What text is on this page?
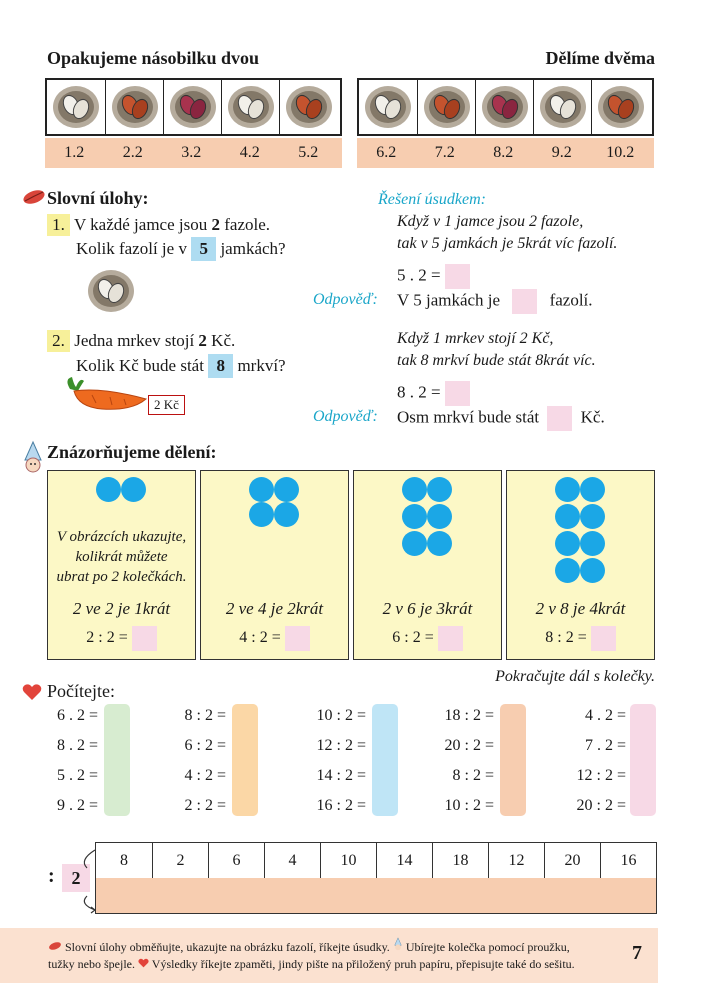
Opakujeme násobilku dvou	Dělíme dvěma
1.2	2.2	3.2	4.2	5.2	6.2	7.2	8.2	9.2	10.2
Slovní úlohy:
1. V každé jamce jsou 2 fazole.
Kolik fazolí je v 5 jamkách?
2. Jedna mrkev stojí 2 Kč.
Kolik Kč bude stát 8 mrkví?
2 Kč
Řešení úsudkem:
Když v 1 jamce jsou 2 fazole,
tak v 5 jamkách je 5krát víc fazolí.
5 . 2 =
Odpověď: V 5 jamkách je	fazolí.
Když 1 mrkev stojí 2 Kč,
tak 8 mrkví bude stát 8krát víc.
8 . 2 =
Odpověď: Osm mrkví bude stát Kč.
Znázorňujeme dělení:
V obrázcích ukazujte,
kolikrát můžete
ubrat po 2 kolečkách.
2 ve 2 je 1krát
2 : 2 =
2 ve 4 je 2krát
4 : 2 =
2 v 6 je 3krát
6 : 2 =
2 v 8 je 4krát
8 : 2 =
Pokračujte dál s kolečky.
Počítejte:
6 . 2 =
8 . 2 =
5 . 2 =
9 . 2 =
8 : 2 =
6 : 2 =
4 : 2 =
2 : 2 =
10 : 2 =
12 : 2 =
14 : 2 =
16 : 2 =
18 : 2 =
20 : 2 =
8 : 2 =
10 : 2 =
4 . 2 =
7 . 2 =
12 : 2 =
20 : 2 =
8	2	6	4	10	14	18	12	20	16
: 2
Slovní úlohy obměňujte, ukazujte na obrázku fazolí, říkejte úsudky. Ubírejte kolečka pomocí proužku,
tužky nebo špejle. Výsledky říkejte zpaměti, jindy pište na přiložený pruh papíru, přepisujte také do sešitu.	7
